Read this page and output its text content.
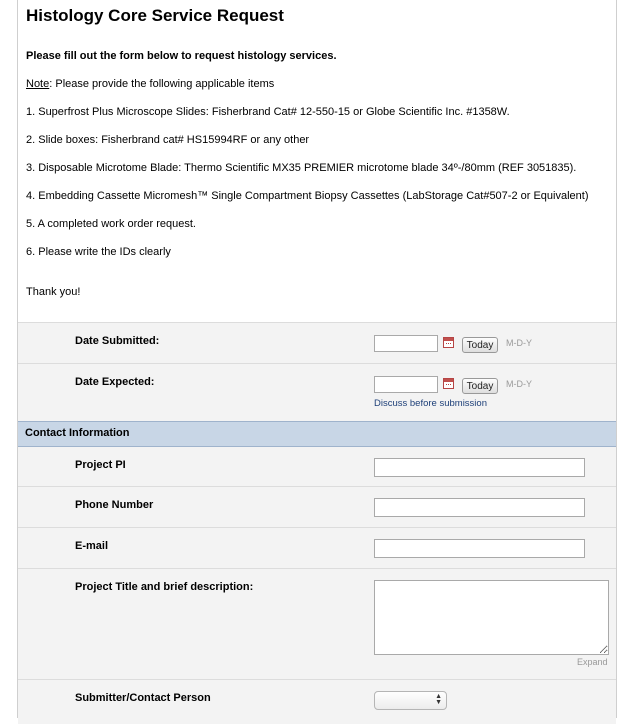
Histology Core Service Request

Please fill out the form below to request histology services.

Note: Please provide the following applicable items

1. Superfrost Plus Microscope Slides: Fisherbrand Cat# 12-550-15 or Globe Scientific Inc. #1358W.

2. Slide boxes: Fisherbrand cat# HS15994RF or any other

3. Disposable Microtome Blade: Thermo Scientific MX35 PREMIER microtome blade 34º-/80mm (REF 3051835).

4. Embedding Cassette Micromesh™ Single Compartment Biopsy Cassettes (LabStorage Cat#507-2 or Equivalent)

5. A completed work order request.

6. Please write the IDs clearly

Thank you!

Date Submitted:	Today	M-D-Y
Date Expected:	Today	M-D-Y
Discuss before submission
Contact Information
Project PI
Phone Number
E-mail
Project Title and brief description:
Expand
Submitter/Contact Person	▲
▼
